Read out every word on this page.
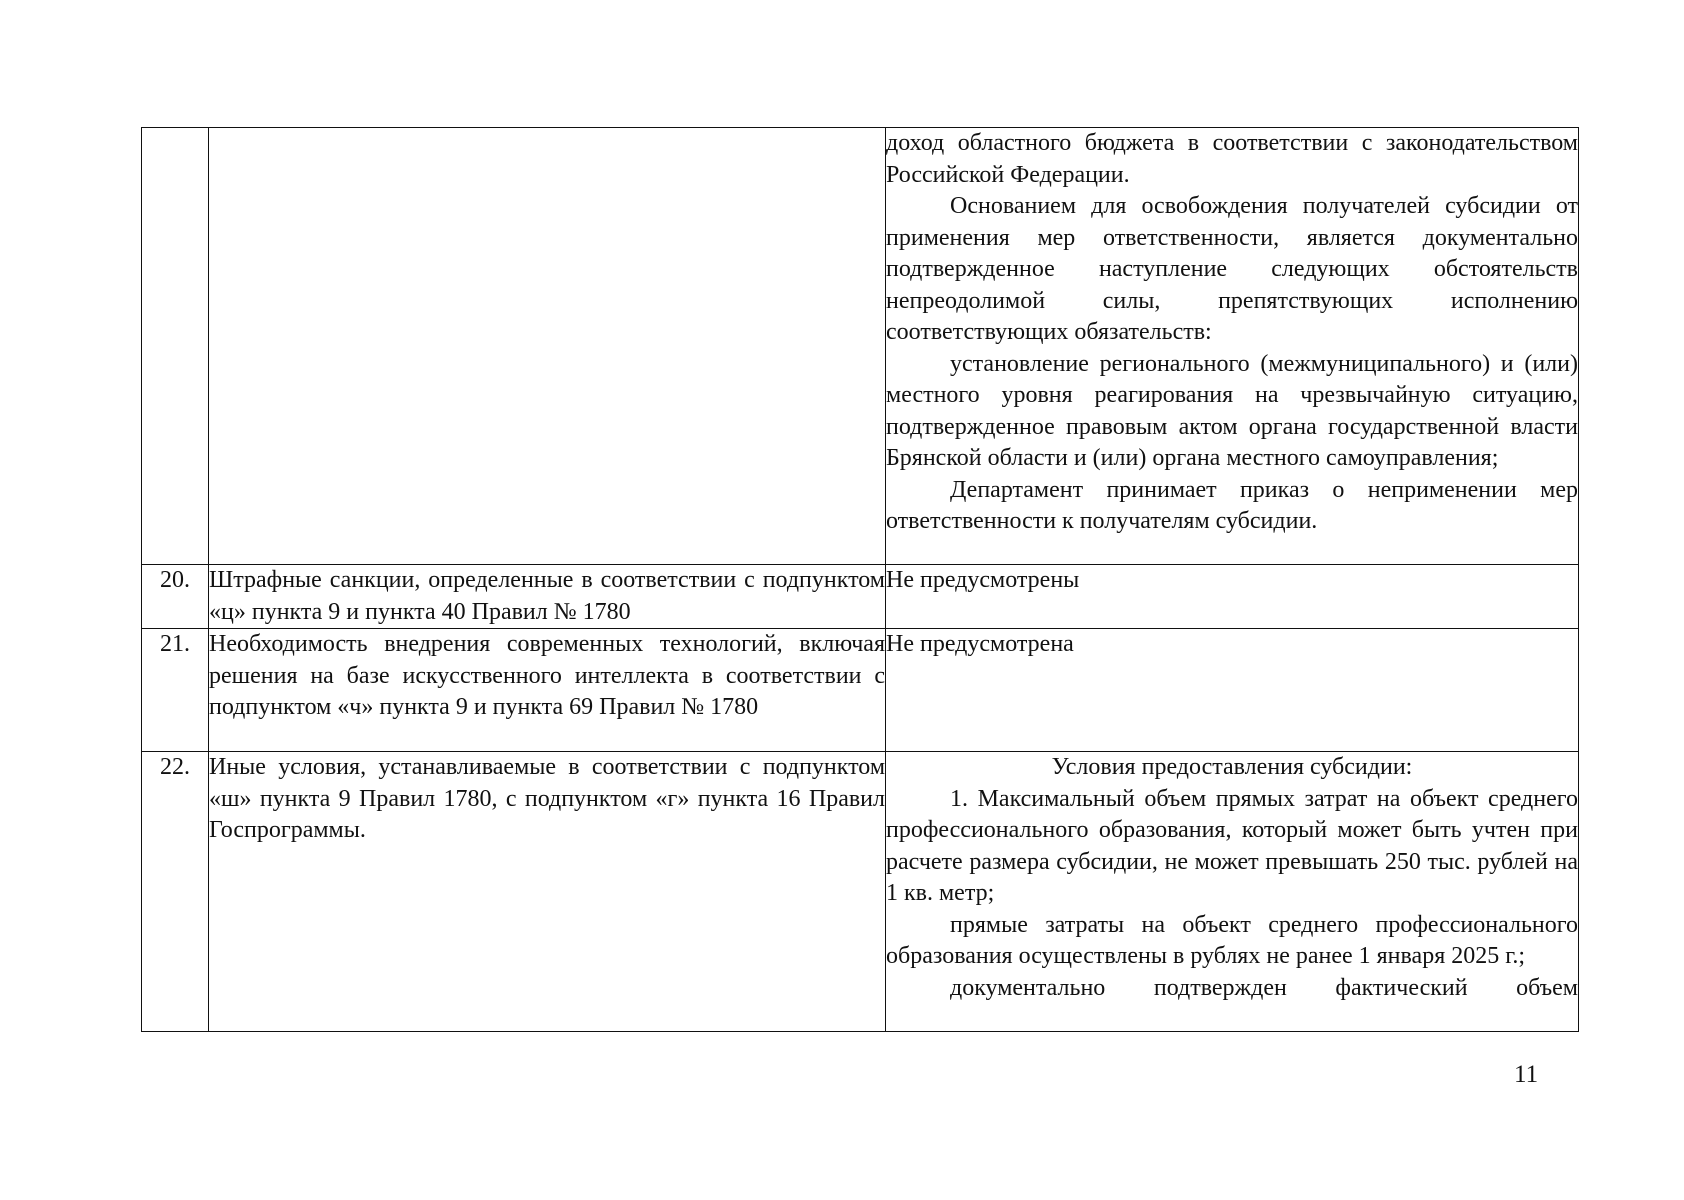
		доход областного бюджета в соответствии с законодательством Российской Федерации.

Основанием для освобождения получателей субсидии от применения мер ответственности, является документально подтвержденное наступление следующих обстоятельств непреодолимой силы, препятствующих исполнению соответствующих обязательств:

установление регионального (межмуниципального) и (или) местного уровня реагирования на чрезвычайную ситуацию, подтвержденное правовым актом органа государственной власти Брянской области и (или) органа местного самоуправления;

Департамент принимает приказ о неприменении мер ответственности к получателям субсидии.

20.	Штрафные санкции, определенные в соответствии с подпунктом «ц» пункта 9 и пункта 40 Правил № 1780	Не предусмотрены
21.	Необходимость внедрения современных технологий, включая решения на базе искусственного интеллекта в соответствии с подпунктом «ч» пункта 9 и пункта 69 Правил № 1780	Не предусмотрена
22.	Иные условия, устанавливаемые в соответствии с подпунктом «ш» пункта 9 Правил 1780, с подпунктом «г» пункта 16 Правил Госпрограммы.	Условия предоставления субсидии:

1. Максимальный объем прямых затрат на объект среднего профессионального образования, который может быть учтен при расчете размера субсидии, не может превышать 250 тыс. рублей на 1 кв. метр;

прямые затраты на объект среднего профессионального образования осуществлены в рублях не ранее 1 января 2025 г.;

документально подтвержден фактический объем

11
